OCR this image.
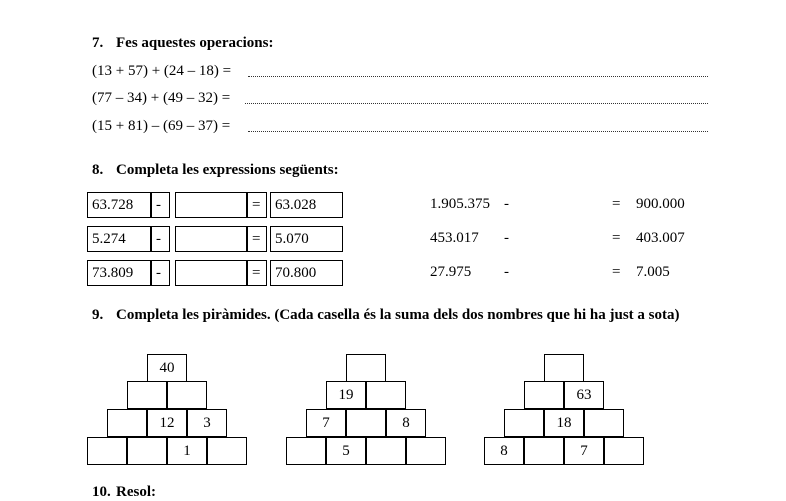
7. Fes aquestes operacions:
(13 + 57) + (24 – 18) =
(77 – 34) + (49 – 32) =
(15 + 81) – (69 – 37) =
8. Completa les expressions següents:
63.728	-	= 63.028
5.274	-	= 5.070
73.809	-	= 70.800
1.905.375 -	= 900.000
453.017 -	= 403.007
27.975 -	= 7.005
9. Completa les piràmides. (Cada casella és la suma dels dos nombres que hi ha just a sota)
40
12	3
1
19
7	8
5
63
18
8	7
10. Resol:
